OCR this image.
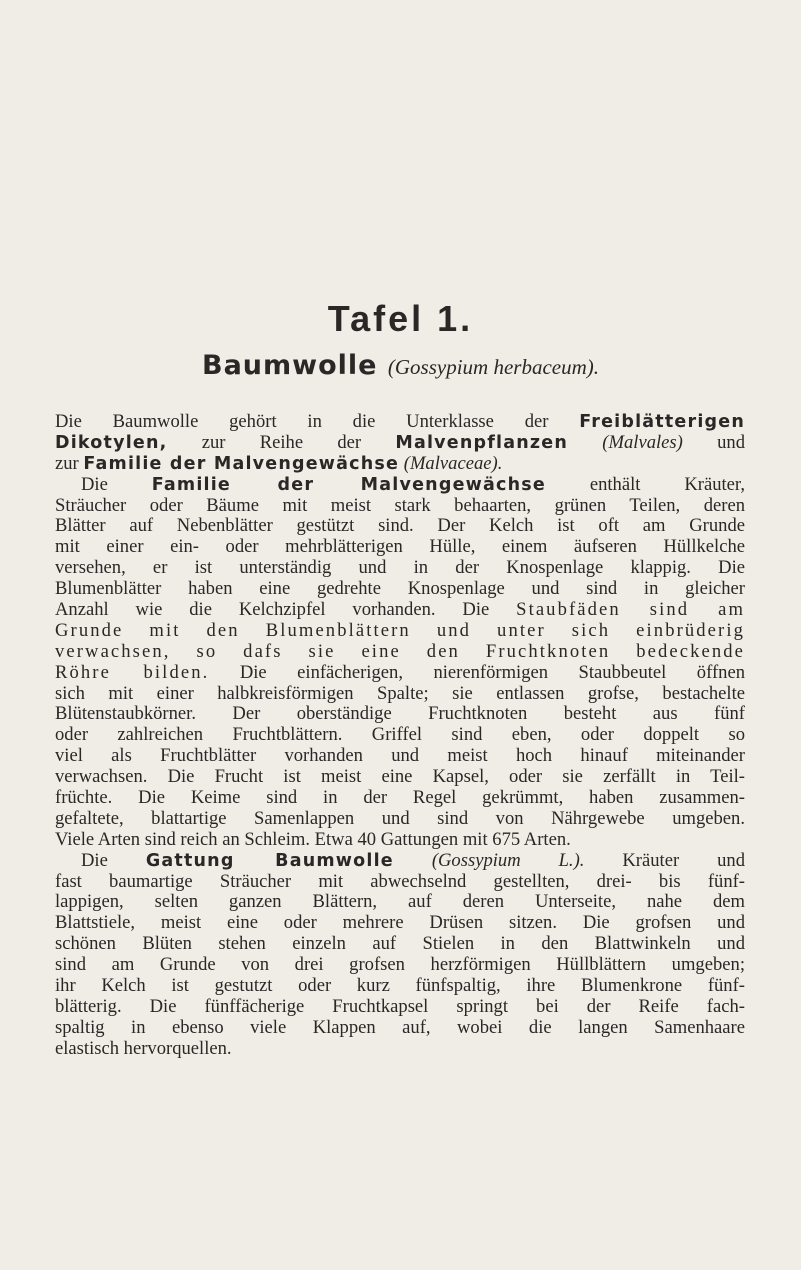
Tafel 1.
Baumwolle (Gossypium herbaceum).
Die Baumwolle gehört in die Unterklasse der Freiblätterigen
Dikotylen, zur Reihe der Malvenpflanzen (Malvales) und
zur Familie der Malvengewächse (Malvaceae).
Die Familie der Malvengewächse enthält Kräuter,
Sträucher oder Bäume mit meist stark behaarten, grünen Teilen, deren
Blätter auf Nebenblätter gestützt sind. Der Kelch ist oft am Grunde
mit einer ein- oder mehrblätterigen Hülle, einem äufseren Hüllkelche
versehen, er ist unterständig und in der Knospenlage klappig. Die
Blumenblätter haben eine gedrehte Knospenlage und sind in gleicher
Anzahl wie die Kelchzipfel vorhanden. Die Staubfäden sind am
Grunde mit den Blumenblättern und unter sich einbrüderig
verwachsen, so dafs sie eine den Fruchtknoten bedeckende
Röhre bilden. Die einfächerigen, nierenförmigen Staubbeutel öffnen
sich mit einer halbkreisförmigen Spalte; sie entlassen grofse, bestachelte
Blütenstaubkörner. Der oberständige Fruchtknoten besteht aus fünf
oder zahlreichen Fruchtblättern. Griffel sind eben, oder doppelt so
viel als Fruchtblätter vorhanden und meist hoch hinauf miteinander
verwachsen. Die Frucht ist meist eine Kapsel, oder sie zerfällt in Teil-
früchte. Die Keime sind in der Regel gekrümmt, haben zusammen-
gefaltete, blattartige Samenlappen und sind von Nährgewebe umgeben.
Viele Arten sind reich an Schleim. Etwa 40 Gattungen mit 675 Arten.
Die Gattung Baumwolle (Gossypium L.). Kräuter und
fast baumartige Sträucher mit abwechselnd gestellten, drei- bis fünf-
lappigen, selten ganzen Blättern, auf deren Unterseite, nahe dem
Blattstiele, meist eine oder mehrere Drüsen sitzen. Die grofsen und
schönen Blüten stehen einzeln auf Stielen in den Blattwinkeln und
sind am Grunde von drei grofsen herzförmigen Hüllblättern umgeben;
ihr Kelch ist gestutzt oder kurz fünfspaltig, ihre Blumenkrone fünf-
blätterig. Die fünffächerige Fruchtkapsel springt bei der Reife fach-
spaltig in ebenso viele Klappen auf, wobei die langen Samenhaare
elastisch hervorquellen.
